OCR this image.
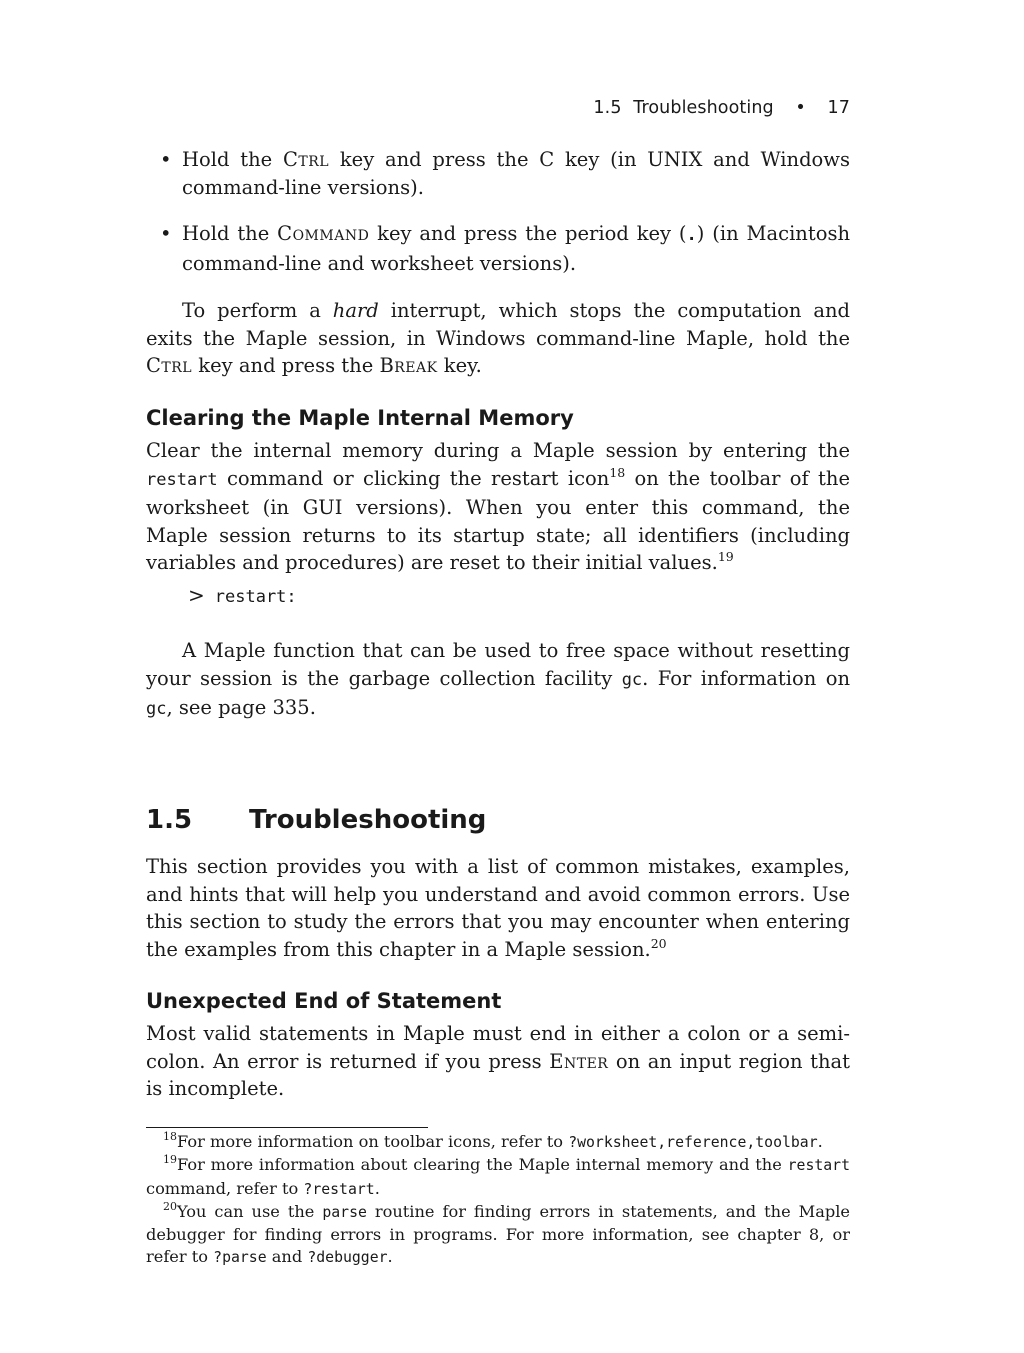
1.5 Troubleshooting • 17
• Hold the Ctrl key and press the C key (in UNIX and Windows command-line versions).
• Hold the Command key and press the period key (.) (in Macintosh command-line and worksheet versions).

To perform a hard interrupt, which stops the computation and exits the Maple session, in Windows command-line Maple, hold the Ctrl key and press the Break key.

Clearing the Maple Internal Memory

Clear the internal memory during a Maple session by entering the restart command or clicking the restart icon$^{18}$ on the toolbar of the worksheet (in GUI versions). When you enter this command, the Maple session returns to its startup state; all identifiers (including variables and procedures) are reset to their initial values.$^{19}$

> restart:

A Maple function that can be used to free space without resetting your session is the garbage collection facility gc. For information on gc, see page 335.

1.5 Troubleshooting

This section provides you with a list of common mistakes, examples, and hints that will help you understand and avoid common errors. Use this section to study the errors that you may encounter when entering the examples from this chapter in a Maple session.$^{20}$

Unexpected End of Statement

Most valid statements in Maple must end in either a colon or a semi-colon. An error is returned if you press Enter on an input region that is incomplete.

$^{18}$For more information on toolbar icons, refer to ?worksheet,reference,toolbar.

$^{19}$For more information about clearing the Maple internal memory and the restart command, refer to ?restart.

$^{20}$You can use the parse routine for finding errors in statements, and the Maple debugger for finding errors in programs. For more information, see chapter 8, or refer to ?parse and ?debugger.
